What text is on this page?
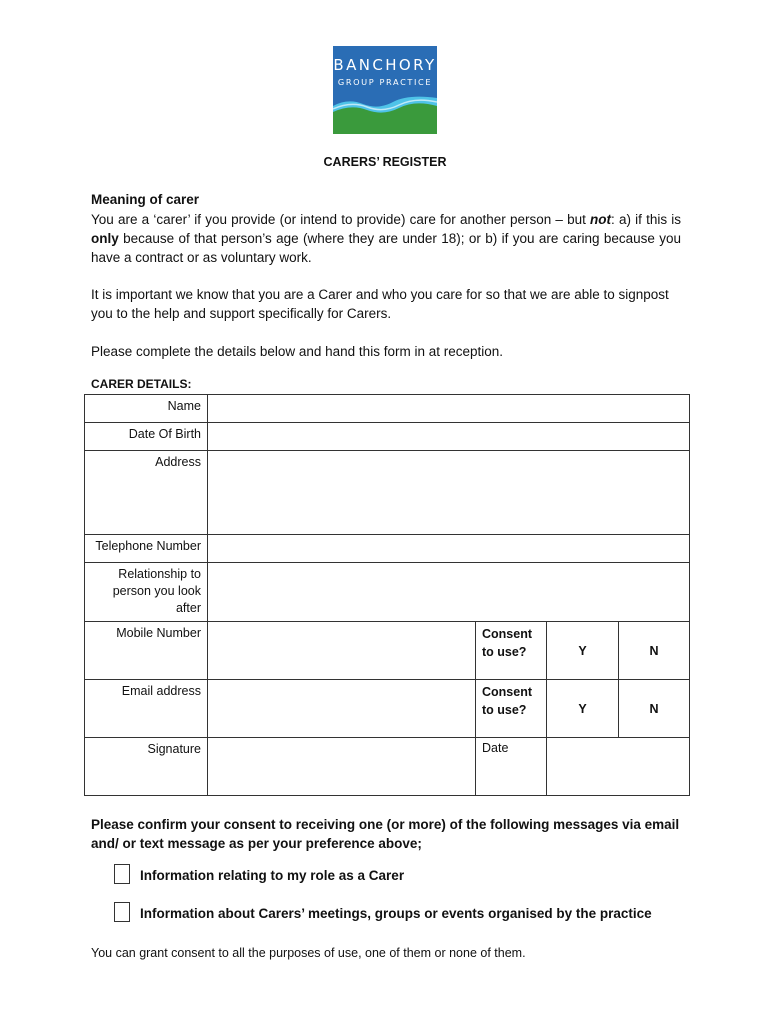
BANCHORY
GROUP PRACTICE
CARERS’ REGISTER
Meaning of carer
You are a ‘carer’ if you provide (or intend to provide) care for another person – but not: a) if this is only because of that person’s age (where they are under 18); or b) if you are caring because you have a contract or as voluntary work.
It is important we know that you are a Carer and who you care for so that we are able to signpost you to the help and support specifically for Carers.
Please complete the details below and hand this form in at reception.
CARER DETAILS:
Name				
Date Of Birth				
Address				
Telephone Number				
Relationship to person you look after				
Mobile Number		Consent to use?	Y	N
Email address		Consent to use?	Y	N
Signature		Date		
Please confirm your consent to receiving one (or more) of the following messages via email and/ or text message as per your preference above;
Information relating to my role as a Carer
Information about Carers’ meetings, groups or events organised by the practice
You can grant consent to all the purposes of use, one of them or none of them.
